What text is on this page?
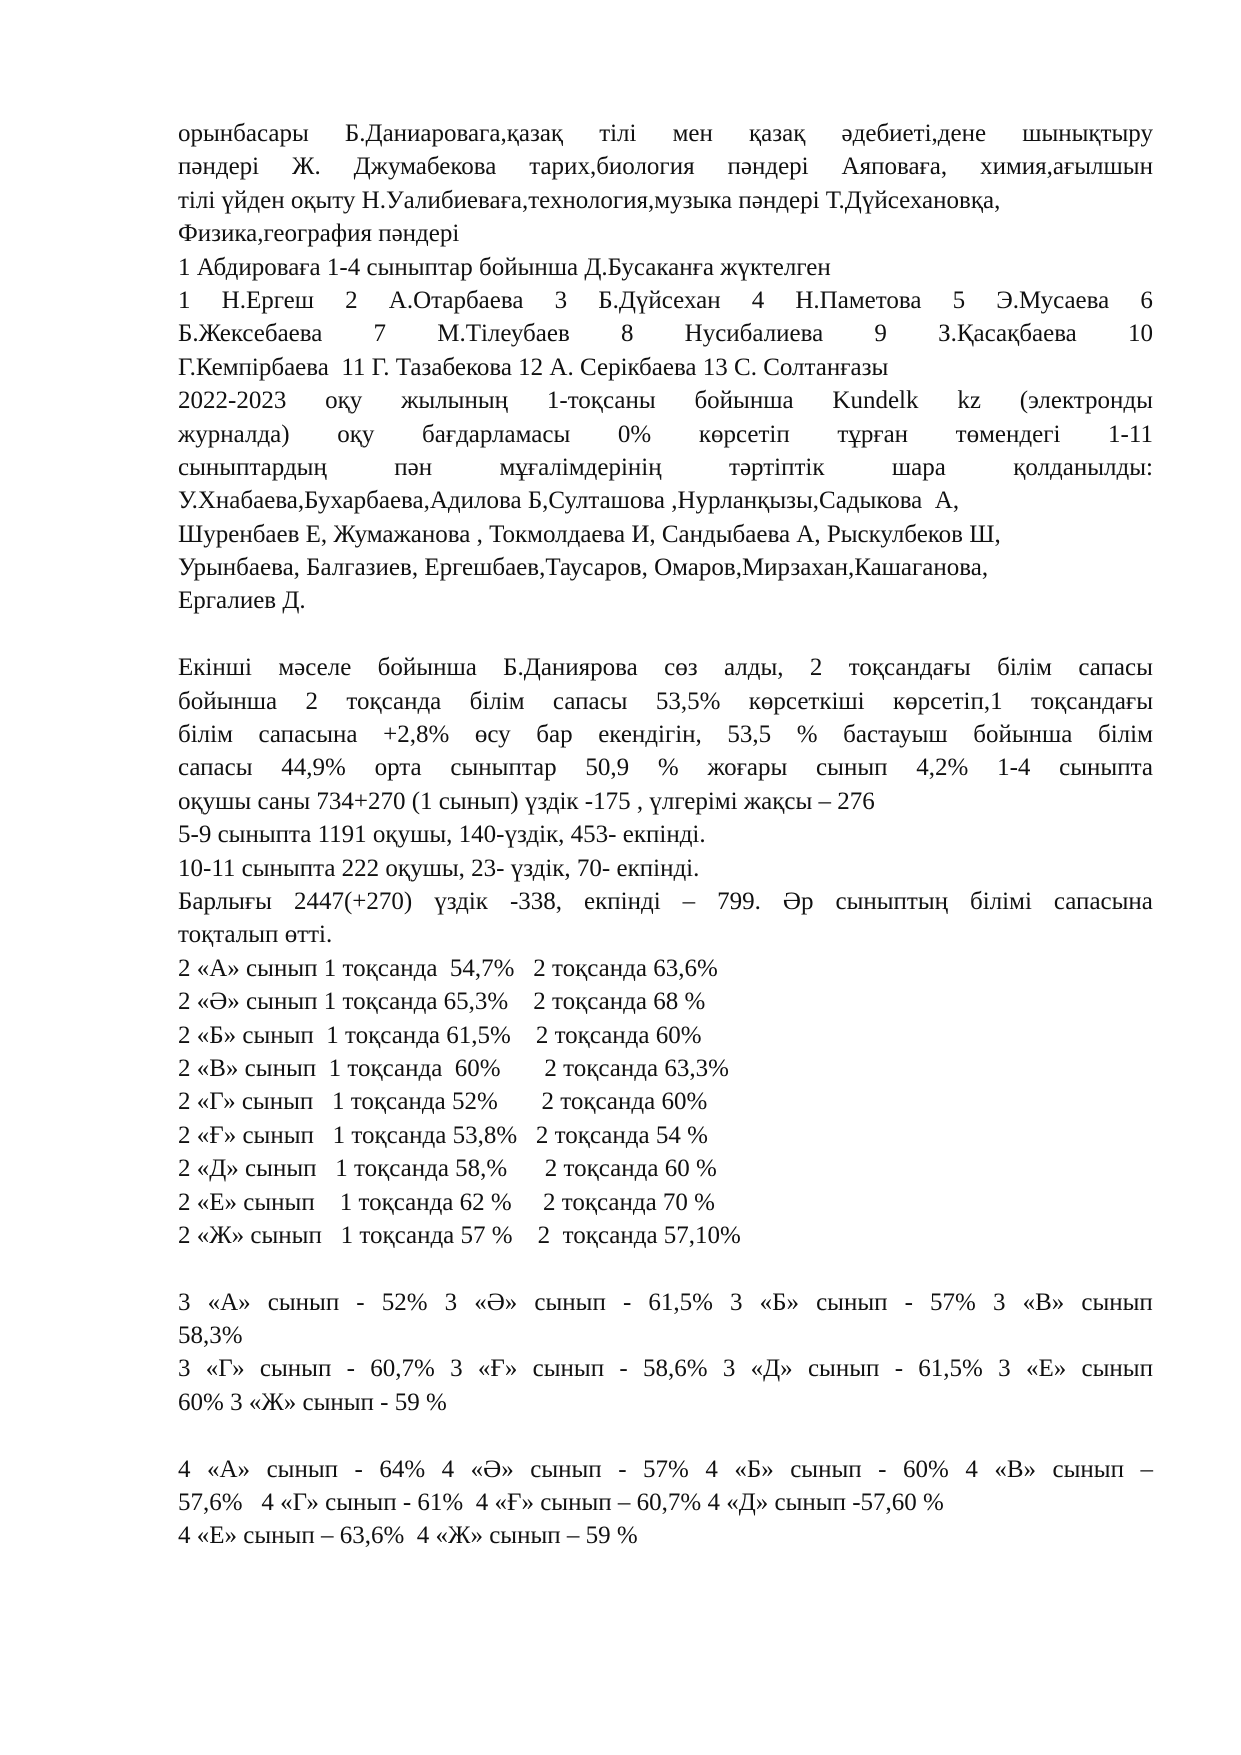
орынбасары Б.Даниаровага,қазақ тілі мен қазақ әдебиеті,дене шынықтыру
пәндері Ж. Джумабекова тарих,биология пәндері Аяповаға, химия,ағылшын
тілі үйден оқыту Н.Уалибиеваға,технология,музыка пәндері Т.Дүйсехановқа,
Физика,география пәндері
1 Абдироваға 1-4 сыныптар бойынша Д.Бусаканға жүктелген
1 Н.Ергеш 2 А.Отарбаева 3 Б.Дүйсехан 4 Н.Паметова 5 Э.Мусаева 6
Б.Жексебаева 7 М.Тілеубаев 8 Нусибалиева 9 З.Қасақбаева 10
Г.Кемпірбаева  11 Г. Тазабекова 12 А. Серікбаева 13 С. Солтанғазы
2022-2023 оқу жылының 1-тоқсаны бойынша Kundelk kz (электронды
журналда) оқу бағдарламасы 0% көрсетіп тұрған төмендегі 1-11
сыныптардың	пән	мұғалімдерінің	тәртіптік	шара	қолданылды:
У.Хнабаева,Бухарбаева,Адилова Б,Султашова ,Нурланқызы,Садыкова  А,
Шуренбаев Е, Жумажанова , Токмолдаева И, Сандыбаева А, Рыскулбеков Ш,
Урынбаева, Балгазиев, Ергешбаев,Таусаров, Омаров,Мирзахан,Кашаганова,
Ергалиев Д.
Екінші мәселе бойынша Б.Даниярова сөз алды, 2 тоқсандағы білім сапасы
бойынша 2 тоқсанда білім сапасы 53,5% көрсеткіші көрсетіп,1 тоқсандағы
білім сапасына +2,8% өсу бар екендігін, 53,5 % бастауыш бойынша білім
сапасы 44,9% орта сыныптар 50,9 % жоғары сынып 4,2% 1-4 сыныпта
оқушы саны 734+270 (1 сынып) үздік -175 , үлгерімі жақсы – 276
5-9 сыныпта 1191 оқушы, 140-үздік, 453- екпінді.
10-11 сыныпта 222 оқушы, 23- үздік, 70- екпінді.
Барлығы 2447(+270) үздік -338, екпінді – 799. Әр сыныптың білімі сапасына
тоқталып өтті.
2 «А» сынып 1 тоқсанда  54,7%   2 тоқсанда 63,6%
2 «Ә» сынып 1 тоқсанда 65,3%    2 тоқсанда 68 %
2 «Б» сынып  1 тоқсанда 61,5%    2 тоқсанда 60%
2 «В» сынып  1 тоқсанда  60%       2 тоқсанда 63,3%
2 «Г» сынып   1 тоқсанда 52%       2 тоқсанда 60%
2 «Ғ» сынып   1 тоқсанда 53,8%   2 тоқсанда 54 %
2 «Д» сынып   1 тоқсанда 58,%      2 тоқсанда 60 %
2 «Е» сынып    1 тоқсанда 62 %     2 тоқсанда 70 %
2 «Ж» сынып   1 тоқсанда 57 %    2  тоқсанда 57,10%
3 «А» сынып - 52% 3 «Ә» сынып - 61,5% 3 «Б» сынып - 57% 3 «В» сынып
58,3%
3 «Г» сынып - 60,7% 3 «Ғ» сынып - 58,6% 3 «Д» сынып - 61,5% 3 «Е» сынып
60% 3 «Ж» сынып - 59 %
4 «А» сынып - 64% 4 «Ә» сынып - 57% 4 «Б» сынып - 60% 4 «В» сынып –
57,6%   4 «Г» сынып - 61%  4 «Ғ» сынып – 60,7% 4 «Д» сынып -57,60 %
4 «Е» сынып – 63,6%  4 «Ж» сынып – 59 %
